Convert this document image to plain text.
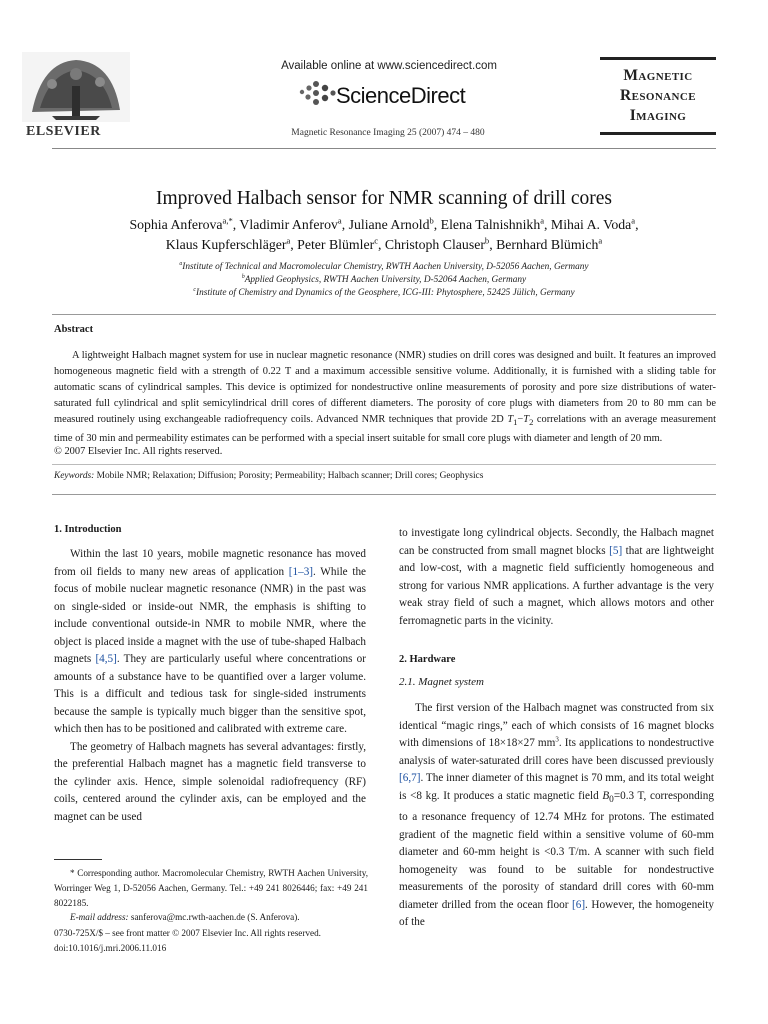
ELSEVIER
Available online at www.sciencedirect.com
ScienceDirect
Magnetic Resonance Imaging 25 (2007) 474 – 480
Magnetic
Resonance
Imaging
Improved Halbach sensor for NMR scanning of drill cores
Sophia Anferova$^{a,*}$, Vladimir Anferov$^a$, Juliane Arnold$^b$, Elena Talnishnikh$^a$, Mihai A. Voda$^a$,
Klaus Kupferschläger$^a$, Peter Blümler$^c$, Christoph Clauser$^b$, Bernhard Blümich$^a$
$^a$Institute of Technical and Macromolecular Chemistry, RWTH Aachen University, D-52056 Aachen, Germany
$^b$Applied Geophysics, RWTH Aachen University, D-52064 Aachen, Germany
$^c$Institute of Chemistry and Dynamics of the Geosphere, ICG-III: Phytosphere, 52425 Jülich, Germany
Abstract
A lightweight Halbach magnet system for use in nuclear magnetic resonance (NMR) studies on drill cores was designed and built. It features an improved homogeneous magnetic field with a strength of 0.22 T and a maximum accessible sensitive volume. Additionally, it is furnished with a sliding table for automatic scans of cylindrical samples. This device is optimized for nondestructive online measurements of porosity and pore size distributions of water-saturated full cylindrical and split semicylindrical drill cores of different diameters. The porosity of core plugs with diameters from 20 to 80 mm can be measured routinely using exchangeable radiofrequency coils. Advanced NMR techniques that provide 2D $T_1-T_2$ correlations with an average measurement time of 30 min and permeability estimates can be performed with a special insert suitable for small core plugs with diameter and length of 20 mm.
© 2007 Elsevier Inc. All rights reserved.
Keywords: Mobile NMR; Relaxation; Diffusion; Porosity; Permeability; Halbach scanner; Drill cores; Geophysics
1. Introduction

Within the last 10 years, mobile magnetic resonance has moved from oil fields to many new areas of application [1–3]. While the focus of mobile nuclear magnetic resonance (NMR) in the past was on single-sided or inside-out NMR, the emphasis is shifting to include conventional outside-in NMR to mobile NMR, where the object is placed inside a magnet with the use of tube-shaped Halbach magnets [4,5]. They are particularly useful where concentrations or amounts of a substance have to be quantified over a larger volume. This is a difficult and tedious task for single-sided instruments because the sample is typically much bigger than the sensitive spot, which then has to be positioned and calibrated with extreme care.

The geometry of Halbach magnets has several advantages: firstly, the preferential Halbach magnet has a magnetic field transverse to the cylinder axis. Hence, simple solenoidal radiofrequency (RF) coils, centered around the cylinder axis, can be employed and the magnet can be used

* Corresponding author. Macromolecular Chemistry, RWTH Aachen University, Worringer Weg 1, D-52056 Aachen, Germany. Tel.: +49 241 8026446; fax: +49 241 8022185.
E-mail address: sanferova@mc.rwth-aachen.de (S. Anferova).
0730-725X/$ – see front matter © 2007 Elsevier Inc. All rights reserved.
doi:10.1016/j.mri.2006.11.016

to investigate long cylindrical objects. Secondly, the Halbach magnet can be constructed from small magnet blocks [5] that are lightweight and low-cost, with a magnetic field sufficiently homogeneous and strong for various NMR applications. A further advantage is the very weak stray field of such a magnet, which allows motors and other ferromagnetic parts in the vicinity.

2. Hardware
2.1. Magnet system

The first version of the Halbach magnet was constructed from six identical “magic rings,” each of which consists of 16 magnet blocks with dimensions of 18×18×27 $mm^3$. Its applications to nondestructive analysis of water-saturated drill cores have been discussed previously [6,7]. The inner diameter of this magnet is 70 mm, and its total weight is <8 kg. It produces a static magnetic field $B_0=0.3$ T, corresponding to a resonance frequency of 12.74 MHz for protons. The estimated gradient of the magnetic field within a sensitive volume of 60-mm diameter and 60-mm height is <0.3 T/m. A scanner with such field homogeneity was found to be suitable for nondestructive measurements of the porosity of standard drill cores with 60-mm diameter drilled from the ocean floor [6]. However, the homogeneity of the
